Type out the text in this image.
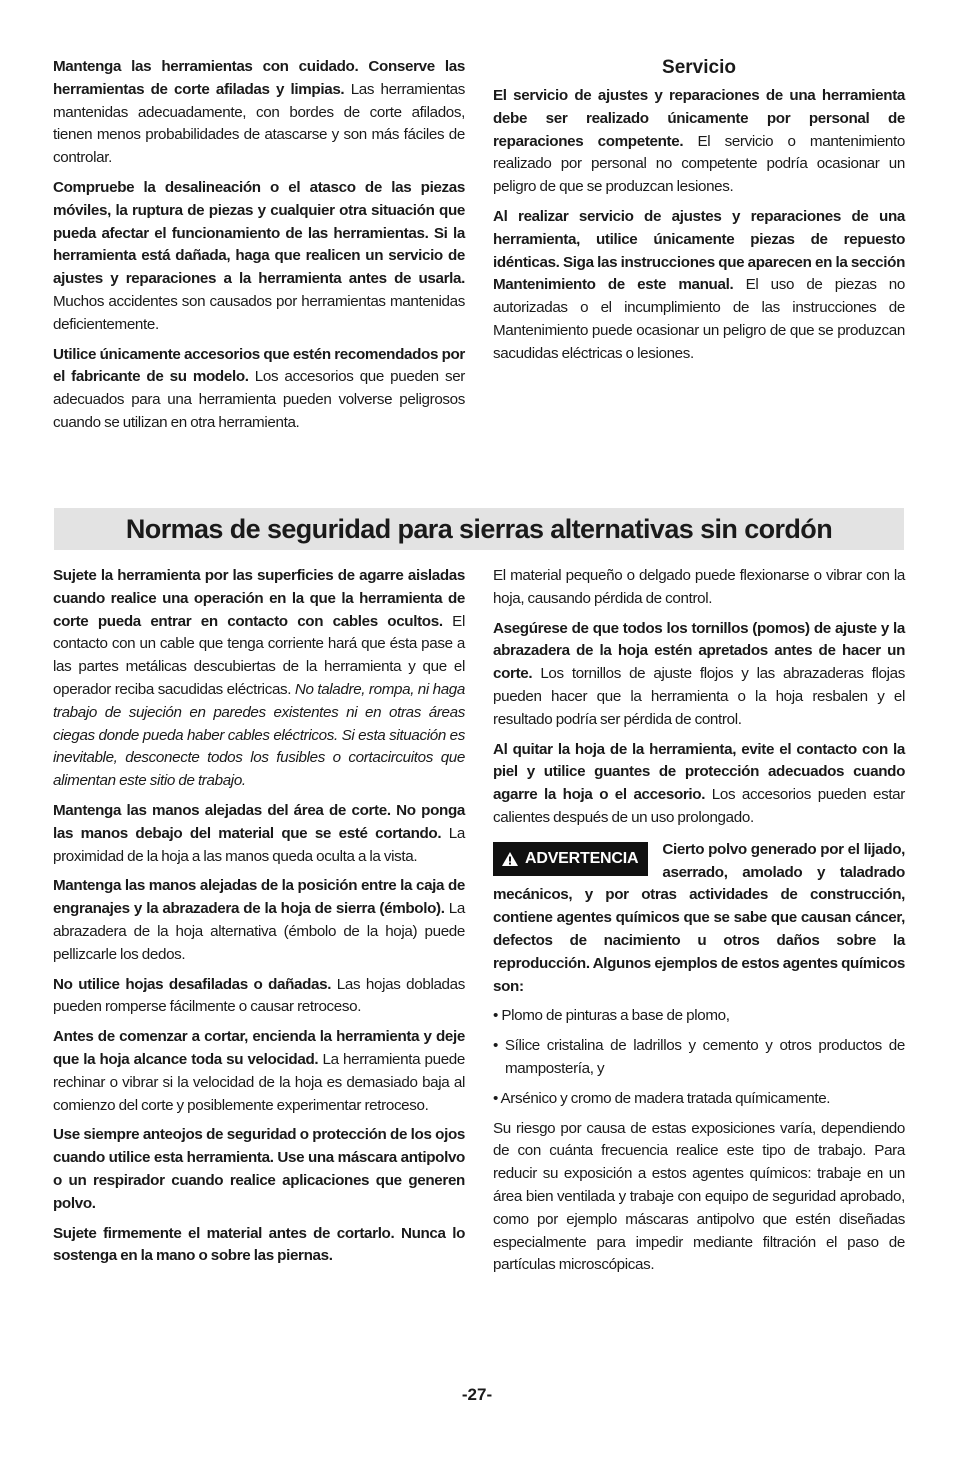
Mantenga las herramientas con cuidado. Conserve las herramientas de corte afiladas y limpias. Las herramientas mantenidas adecuadamente, con bordes de corte afilados, tienen menos probabilidades de atascarse y son más fáciles de controlar.

Compruebe la desalineación o el atasco de las piezas móviles, la ruptura de piezas y cualquier otra situación que pueda afectar el funcionamiento de las herramientas. Si la herramienta está dañada, haga que realicen un servicio de ajustes y reparaciones a la herramienta antes de usarla. Muchos accidentes son causados por herramientas mantenidas deficientemente.

Utilice únicamente accesorios que estén recomendados por el fabricante de su modelo. Los accesorios que pueden ser adecuados para una herramienta pueden volverse peligrosos cuando se utilizan en otra herramienta.

Servicio

El servicio de ajustes y reparaciones de una herramienta debe ser realizado únicamente por personal de reparaciones competente. El servicio o mantenimiento realizado por personal no competente podría ocasionar un peligro de que se produzcan lesiones.

Al realizar servicio de ajustes y reparaciones de una herramienta, utilice únicamente piezas de repuesto idénticas. Siga las instrucciones que aparecen en la sección Mantenimiento de este manual. El uso de piezas no autorizadas o el incumplimiento de las instrucciones de Mantenimiento puede ocasionar un peligro de que se produzcan sacudidas eléctricas o lesiones.

Normas de seguridad para sierras alternativas sin cordón

Sujete la herramienta por las superficies de agarre aisladas cuando realice una operación en la que la herramienta de corte pueda entrar en contacto con cables ocultos. El contacto con un cable que tenga corriente hará que ésta pase a las partes metálicas descubiertas de la herramienta y que el operador reciba sacudidas eléctricas. No taladre, rompa, ni haga trabajo de sujeción en paredes existentes ni en otras áreas ciegas donde pueda haber cables eléctricos. Si esta situación es inevitable, desconecte todos los fusibles o cortacircuitos que alimentan este sitio de trabajo.

Mantenga las manos alejadas del área de corte. No ponga las manos debajo del material que se esté cortando. La proximidad de la hoja a las manos queda oculta a la vista.

Mantenga las manos alejadas de la posición entre la caja de engranajes y la abrazadera de la hoja de sierra (émbolo). La abrazadera de la hoja alternativa (émbolo de la hoja) puede pellizcarle los dedos.

No utilice hojas desafiladas o dañadas. Las hojas dobladas pueden romperse fácilmente o causar retroceso.

Antes de comenzar a cortar, encienda la herramienta y deje que la hoja alcance toda su velocidad. La herramienta puede rechinar o vibrar si la velocidad de la hoja es demasiado baja al comienzo del corte y posiblemente experimentar retroceso.

Use siempre anteojos de seguridad o protección de los ojos cuando utilice esta herramienta. Use una máscara antipolvo o un respirador cuando realice aplicaciones que generen polvo.

Sujete firmemente el material antes de cortarlo. Nunca lo sostenga en la mano o sobre las piernas.

El material pequeño o delgado puede flexionarse o vibrar con la hoja, causando pérdida de control.

Asegúrese de que todos los tornillos (pomos) de ajuste y la abrazadera de la hoja estén apretados antes de hacer un corte. Los tornillos de ajuste flojos y las abrazaderas flojas pueden hacer que la herramienta o la hoja resbalen y el resultado podría ser pérdida de control.

Al quitar la hoja de la herramienta, evite el contacto con la piel y utilice guantes de protección adecuados cuando agarre la hoja o el accesorio. Los accesorios pueden estar calientes después de un uso prolongado.

ADVERTENCIA
Cierto polvo generado por el lijado, aserrado, amolado y taladrado mecánicos, y por otras actividades de construcción, contiene agentes químicos que se sabe que causan cáncer, defectos de nacimiento u otros daños sobre la reproducción. Algunos ejemplos de estos agentes químicos son:

• Plomo de pinturas a base de plomo,

• Sílice cristalina de ladrillos y cemento y otros productos de mampostería, y

• Arsénico y cromo de madera tratada químicamente.

Su riesgo por causa de estas exposiciones varía, dependiendo de con cuánta frecuencia realice este tipo de trabajo. Para reducir su exposición a estos agentes químicos: trabaje en un área bien ventilada y trabaje con equipo de seguridad aprobado, como por ejemplo máscaras antipolvo que estén diseñadas especialmente para impedir mediante filtración el paso de partículas microscópicas.

-27-
